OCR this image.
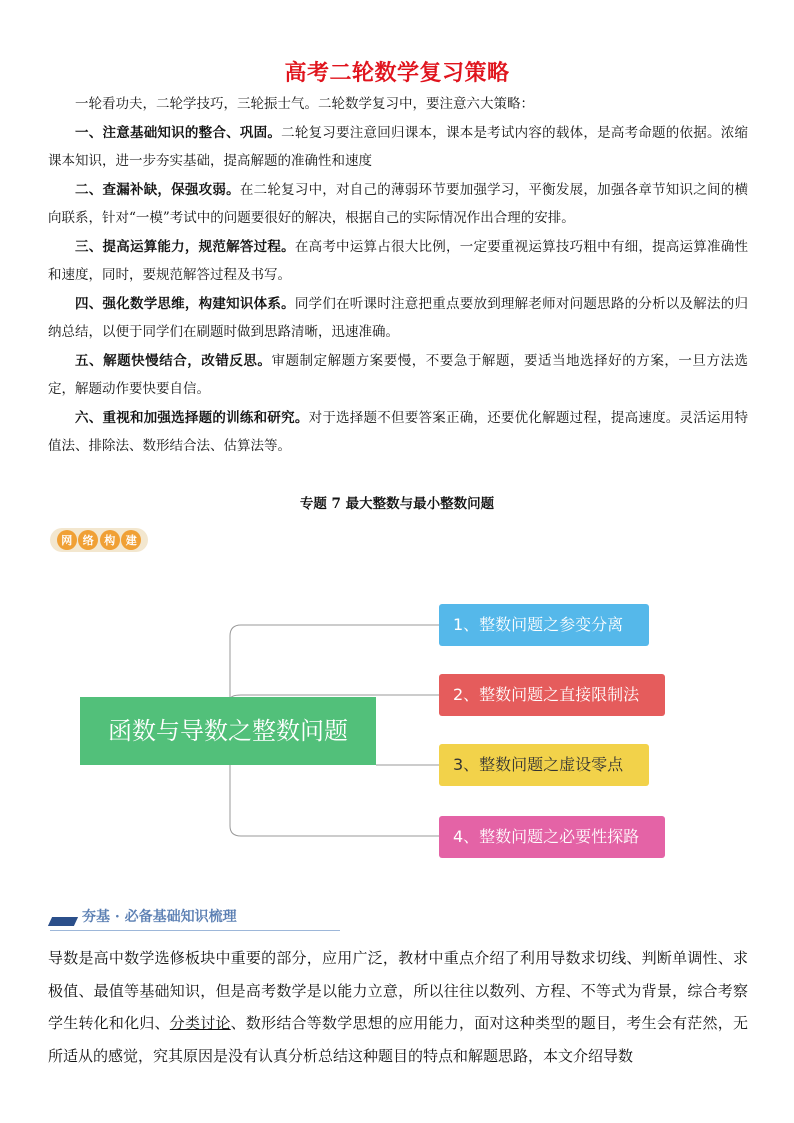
高考二轮数学复习策略

一轮看功夫，二轮学技巧，三轮振士气。二轮数学复习中，要注意六大策略：

一、注意基础知识的整合、巩固。二轮复习要注意回归课本，课本是考试内容的载体，是高考命题的依据。浓缩课本知识，进一步夯实基础，提高解题的准确性和速度

二、查漏补缺，保强攻弱。在二轮复习中，对自己的薄弱环节要加强学习，平衡发展，加强各章节知识之间的横向联系，针对“一模”考试中的问题要很好的解决，根据自己的实际情况作出合理的安排。

三、提高运算能力，规范解答过程。在高考中运算占很大比例，一定要重视运算技巧粗中有细，提高运算准确性和速度，同时，要规范解答过程及书写。

四、强化数学思维，构建知识体系。同学们在听课时注意把重点要放到理解老师对问题思路的分析以及解法的归纳总结，以便于同学们在刷题时做到思路清晰，迅速准确。

五、解题快慢结合，改错反思。审题制定解题方案要慢，不要急于解题，要适当地选择好的方案，一旦方法选定，解题动作要快要自信。

六、重视和加强选择题的训练和研究。对于选择题不但要答案正确，还要优化解题过程，提高速度。灵活运用特值法、排除法、数形结合法、估算法等。

专题 7 最大整数与最小整数问题
网 络 构 建
函数与导数之整数问题
1、整数问题之参变分离
2、整数问题之直接限制法
3、整数问题之虚设零点
4、整数问题之必要性探路
夯基 · 必备基础知识梳理

导数是高中数学选修板块中重要的部分，应用广泛，教材中重点介绍了利用导数求切线、判断单调性、求极值、最值等基础知识，但是高考数学是以能力立意，所以往往以数列、方程、不等式为背景，综合考察学生转化和化归、分类讨论、数形结合等数学思想的应用能力，面对这种类型的题目，考生会有茫然，无所适从的感觉，究其原因是没有认真分析总结这种题目的特点和解题思路，本文介绍导数
